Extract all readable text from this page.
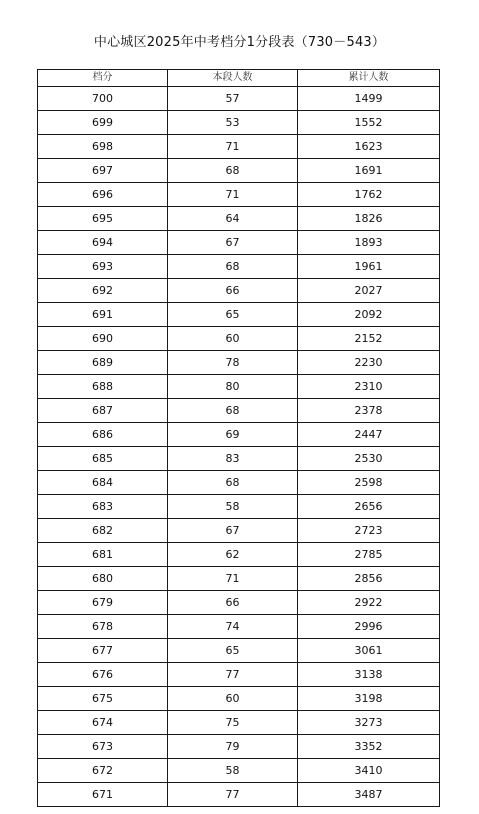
中心城区2025年中考档分1分段表（730－543）
档分	本段人数	累计人数
700	57	1499
699	53	1552
698	71	1623
697	68	1691
696	71	1762
695	64	1826
694	67	1893
693	68	1961
692	66	2027
691	65	2092
690	60	2152
689	78	2230
688	80	2310
687	68	2378
686	69	2447
685	83	2530
684	68	2598
683	58	2656
682	67	2723
681	62	2785
680	71	2856
679	66	2922
678	74	2996
677	65	3061
676	77	3138
675	60	3198
674	75	3273
673	79	3352
672	58	3410
671	77	3487
